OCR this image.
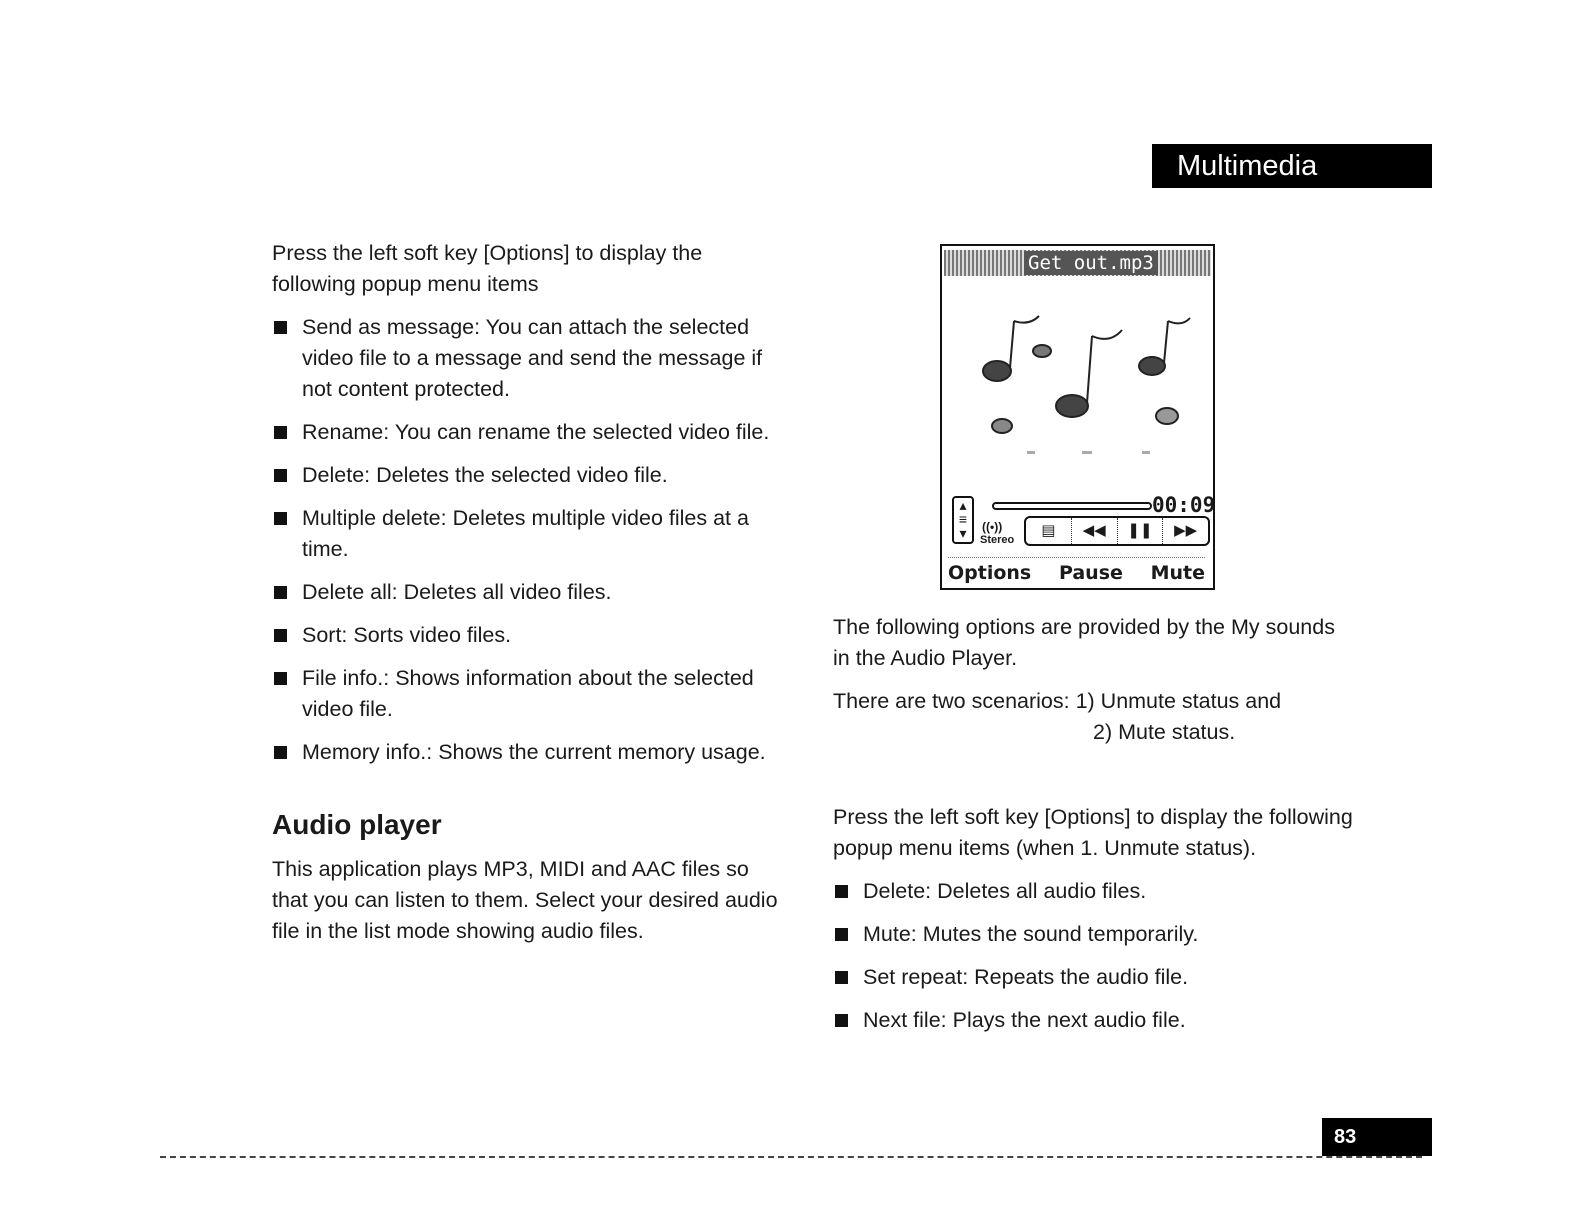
Multimedia

Press the left soft key [Options] to display the following popup menu items

Send as message: You can attach the selected video file to a message and send the message if not content protected.
Rename: You can rename the selected video file.
Delete: Deletes the selected video file.
Multiple delete: Deletes multiple video files at a time.
Delete all: Deletes all video files.
Sort: Sorts video files.
File info.: Shows information about the selected video file.
Memory info.: Shows the current memory usage.
Audio player

This application plays MP3, MIDI and AAC files so that you can listen to them. Select your desired audio file in the list mode showing audio files.

Get out.mp3
▴
≡
▾
00:09
((•))
Stereo
▤	◀◀	❚❚	▶▶
Options Pause Mute

The following options are provided by the My sounds in the Audio Player.

There are two scenarios: 1) Unmute status and
2) Mute status.

Press the left soft key [Options] to display the following popup menu items (when 1. Unmute status).

Delete: Deletes all audio files.
Mute: Mutes the sound temporarily.
Set repeat: Repeats the audio file.
Next file: Plays the next audio file.
83
